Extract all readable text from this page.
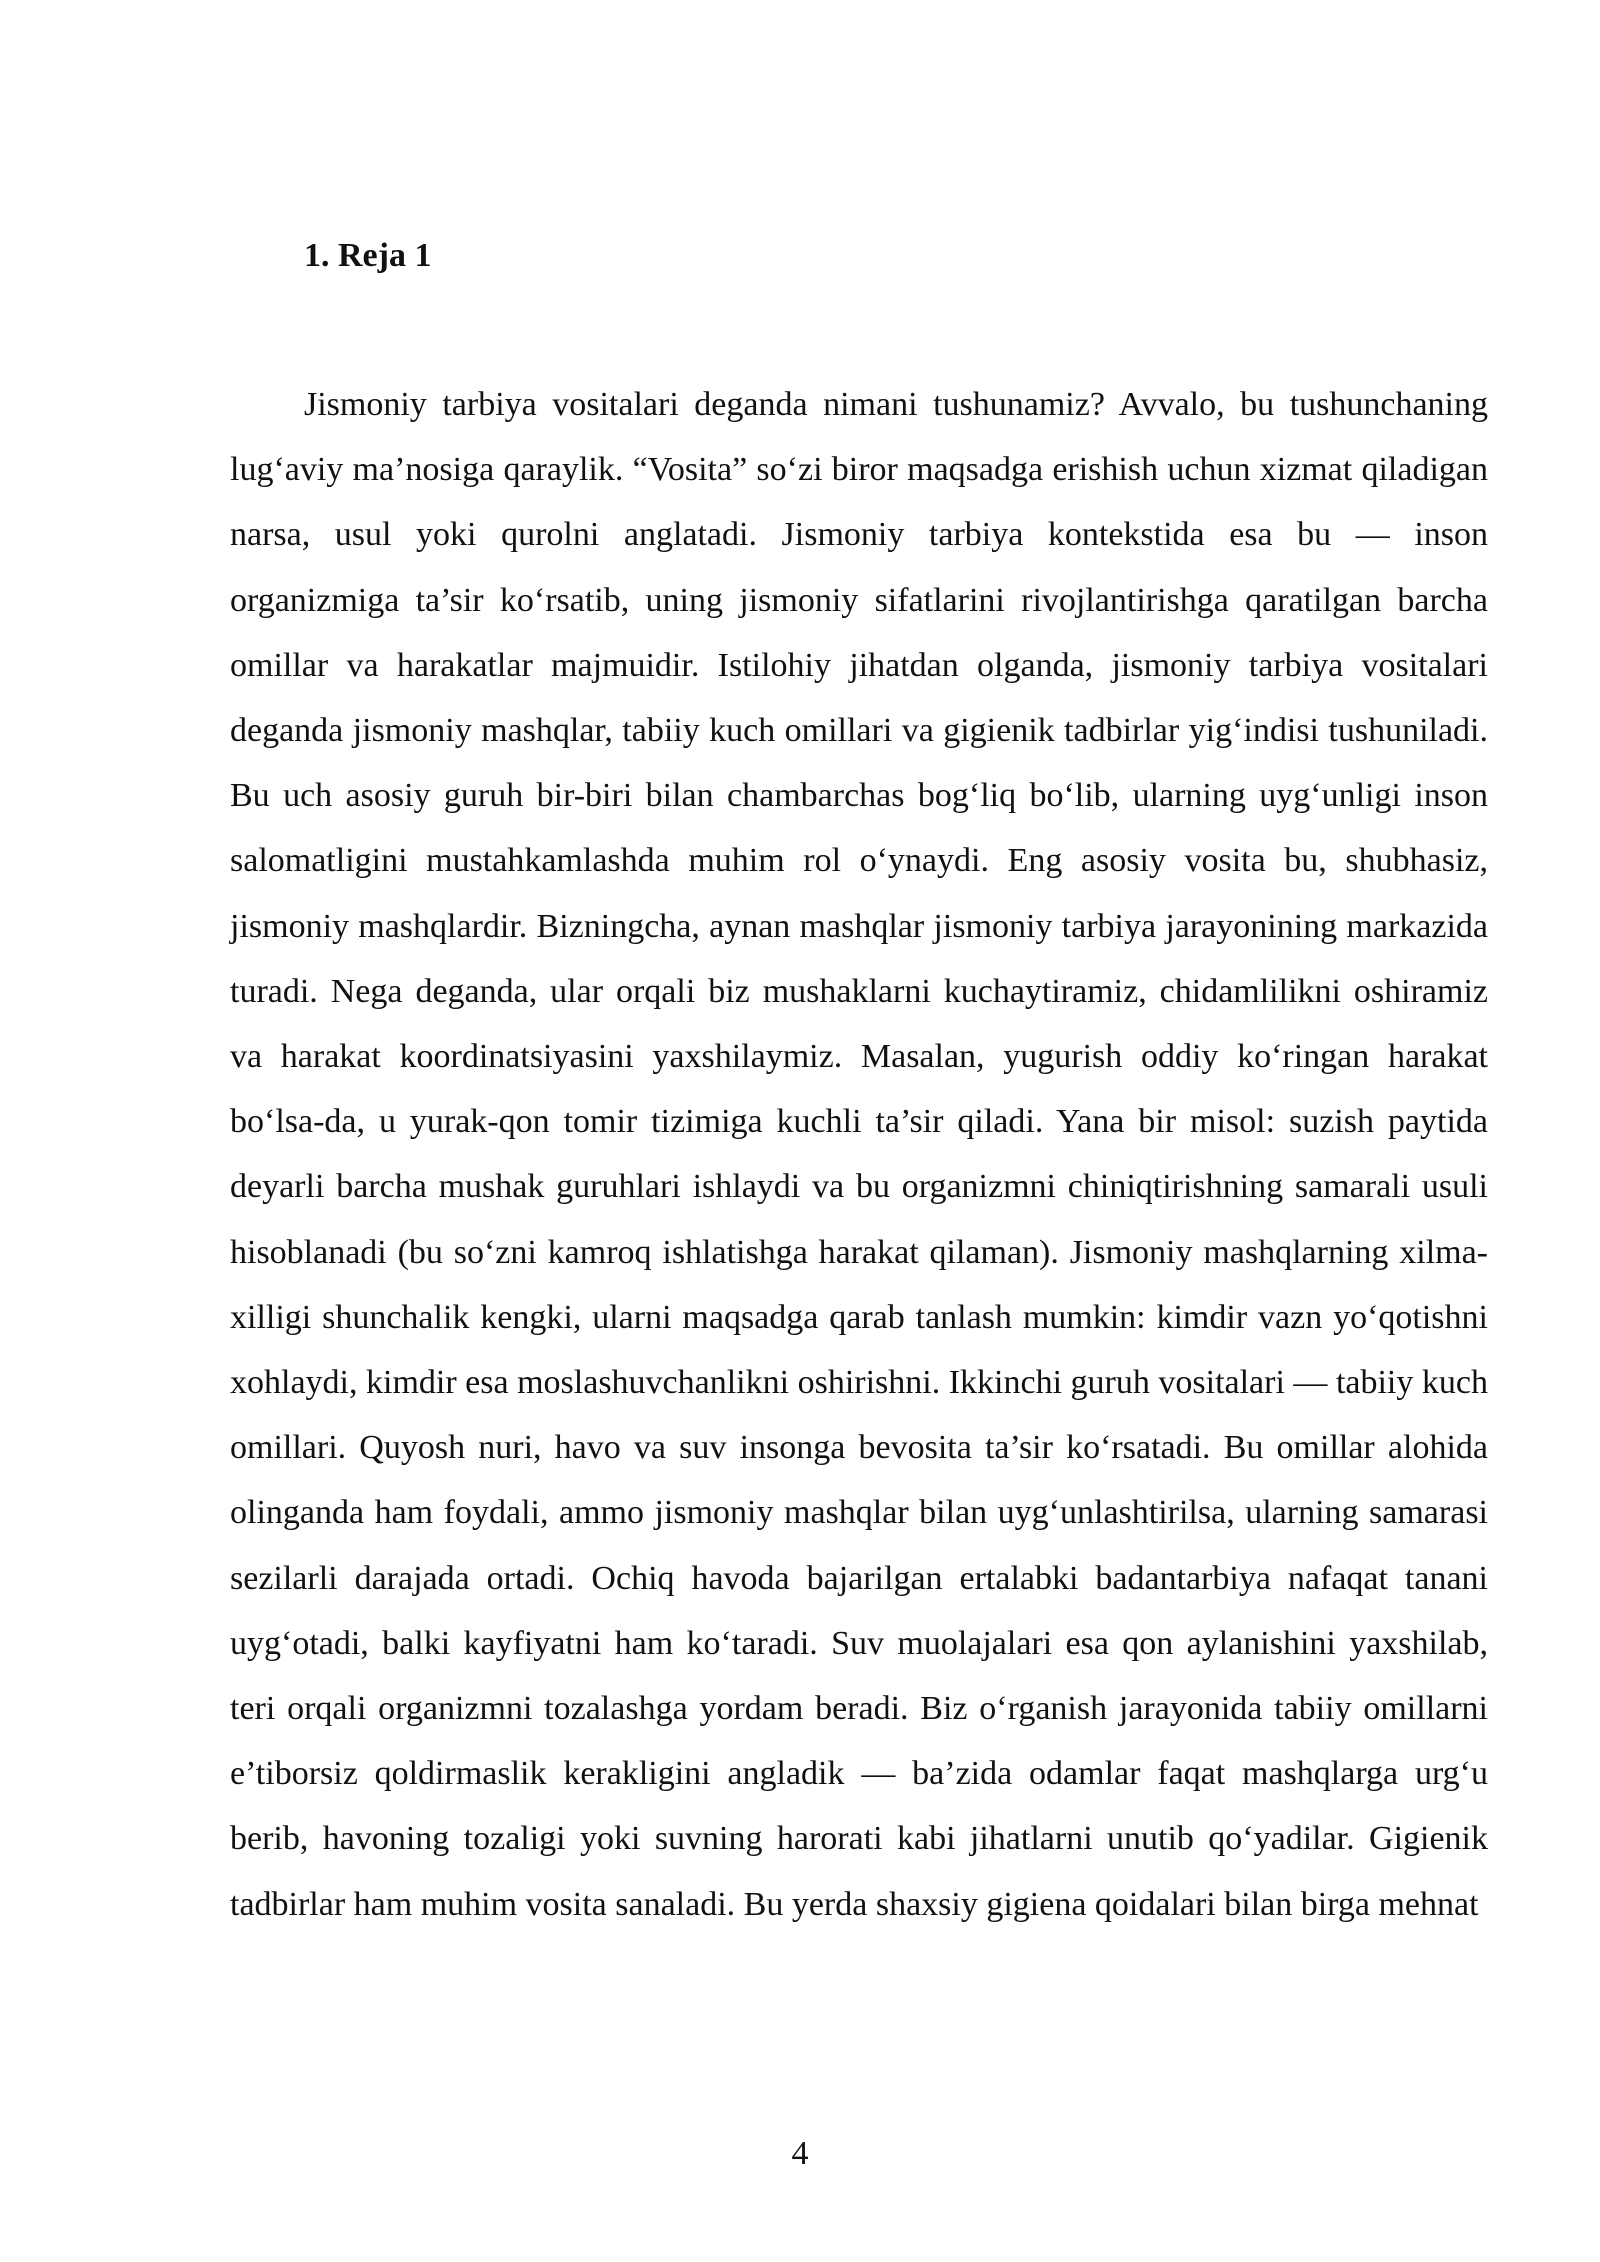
1. Reja 1

Jismoniy tarbiya vositalari deganda nimani tushunamiz? Avvalo, bu tushunchaning lug‘aviy ma’nosiga qaraylik. “Vosita” so‘zi biror maqsadga erishish uchun xizmat qiladigan narsa, usul yoki qurolni anglatadi. Jismoniy tarbiya kontekstida esa bu — inson organizmiga ta’sir ko‘rsatib, uning jismoniy sifatlarini rivojlantirishga qaratilgan barcha omillar va harakatlar majmuidir. Istilohiy jihatdan olganda, jismoniy tarbiya vositalari deganda jismoniy mashqlar, tabiiy kuch omillari va gigienik tadbirlar yig‘indisi tushuniladi. Bu uch asosiy guruh bir-biri bilan chambarchas bog‘liq bo‘lib, ularning uyg‘unligi inson salomatligini mustahkamlashda muhim rol o‘ynaydi. Eng asosiy vosita bu, shubhasiz, jismoniy mashqlardir. Bizningcha, aynan mashqlar jismoniy tarbiya jarayonining markazida turadi. Nega deganda, ular orqali biz mushaklarni kuchaytiramiz, chidamlilikni oshiramiz va harakat koordinatsiyasini yaxshilaymiz. Masalan, yugurish oddiy ko‘ringan harakat bo‘lsa-da, u yurak-qon tomir tizimiga kuchli ta’sir qiladi. Yana bir misol: suzish paytida deyarli barcha mushak guruhlari ishlaydi va bu organizmni chiniqtirishning samarali usuli hisoblanadi (bu so‘zni kamroq ishlatishga harakat qilaman). Jismoniy mashqlarning xilma-xilligi shunchalik kengki, ularni maqsadga qarab tanlash mumkin: kimdir vazn yo‘qotishni xohlaydi, kimdir esa moslashuvchanlikni oshirishni. Ikkinchi guruh vositalari — tabiiy kuch omillari. Quyosh nuri, havo va suv insonga bevosita ta’sir ko‘rsatadi. Bu omillar alohida olinganda ham foydali, ammo jismoniy mashqlar bilan uyg‘unlashtirilsa, ularning samarasi sezilarli darajada ortadi. Ochiq havoda bajarilgan ertalabki badantarbiya nafaqat tanani uyg‘otadi, balki kayfiyatni ham ko‘taradi. Suv muolajalari esa qon aylanishini yaxshilab, teri orqali organizmni tozalashga yordam beradi. Biz o‘rganish jarayonida tabiiy omillarni e’tiborsiz qoldirmaslik kerakligini angladik — ba’zida odamlar faqat mashqlarga urg‘u berib, havoning tozaligi yoki suvning harorati kabi jihatlarni unutib qo‘yadilar. Gigienik tadbirlar ham muhim vosita sanaladi. Bu yerda shaxsiy gigiena qoidalari bilan birga mehnat

4
